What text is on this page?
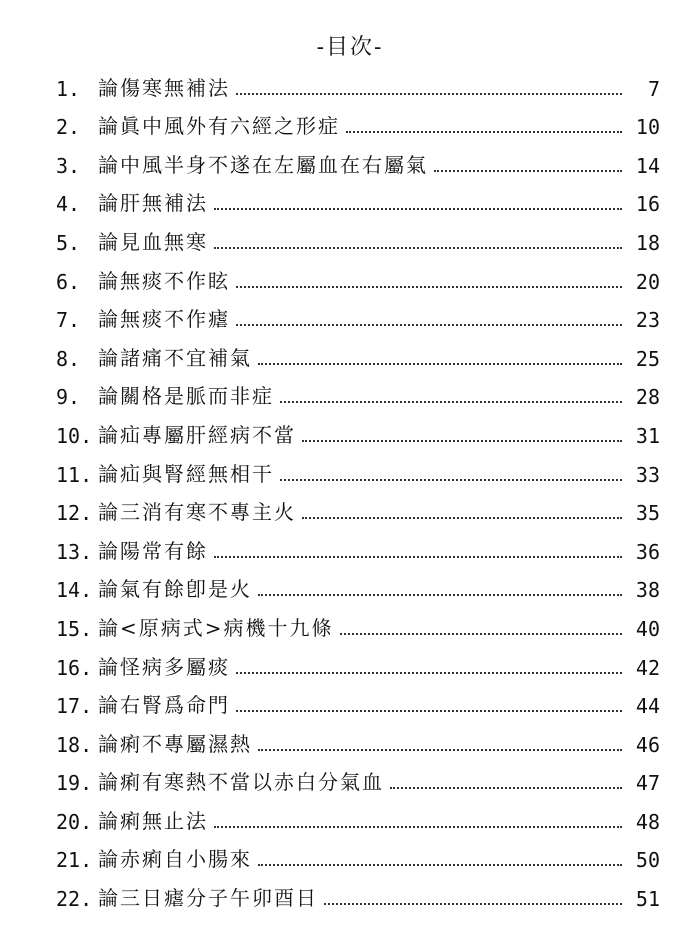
-目次-
1. 論傷寒無補法	7
2. 論眞中風外有六經之形症	10
3. 論中風半身不遂在左屬血在右屬氣	14
4. 論肝無補法	16
5. 論見血無寒	18
6. 論無痰不作眩	20
7. 論無痰不作瘧	23
8. 論諸痛不宜補氣	25
9. 論關格是脈而非症	28
10. 論疝專屬肝經病不當	31
11. 論疝與腎經無相干	33
12. 論三消有寒不專主火	35
13. 論陽常有餘	36
14. 論氣有餘卽是火	38
15. 論<原病式>病機十九條	40
16. 論怪病多屬痰	42
17. 論右腎爲命門	44
18. 論痢不專屬濕熱	46
19. 論痢有寒熱不當以赤白分氣血	47
20. 論痢無止法	48
21. 論赤痢自小腸來	50
22. 論三日瘧分子午卯酉日	51
